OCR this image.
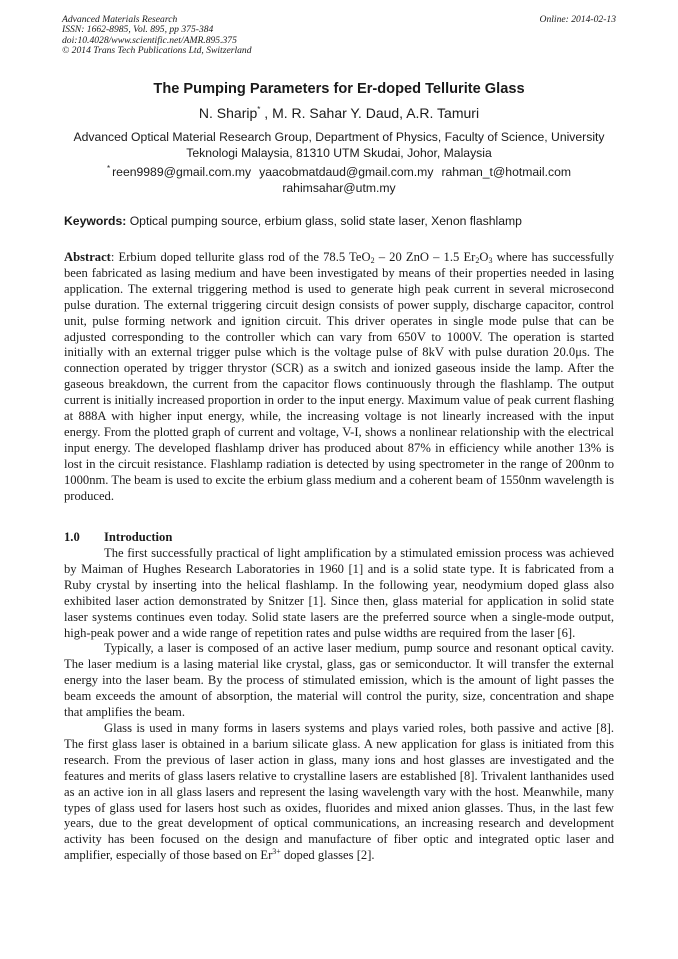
Advanced Materials Research
ISSN: 1662-8985, Vol. 895, pp 375-384
doi:10.4028/www.scientific.net/AMR.895.375
© 2014 Trans Tech Publications Ltd, Switzerland
Online: 2014-02-13
The Pumping Parameters for Er-doped Tellurite Glass
N. Sharip* , M. R. Sahar Y. Daud, A.R. Tamuri
Advanced Optical Material Research Group, Department of Physics, Faculty of Science, University
Teknologi Malaysia, 81310 UTM Skudai, Johor, Malaysia
* reen9989@gmail.com.my yaacobmatdaud@gmail.com.my rahman_t@hotmail.com
rahimsahar@utm.my
Keywords: Optical pumping source, erbium glass, solid state laser, Xenon flashlamp
Abstract: Erbium doped tellurite glass rod of the 78.5 TeO$_2$ – 20 ZnO – 1.5 $Er_2O_3$ where has successfully been fabricated as lasing medium and have been investigated by means of their properties needed in lasing application. The external triggering method is used to generate high peak current in several microsecond pulse duration. The external triggering circuit design consists of power supply, discharge capacitor, control unit, pulse forming network and ignition circuit. This driver operates in single mode pulse that can be adjusted corresponding to the controller which can vary from 650V to 1000V. The operation is started initially with an external trigger pulse which is the voltage pulse of 8kV with pulse duration 20.0μs. The connection operated by trigger thrystor (SCR) as a switch and ionized gaseous inside the lamp. After the gaseous breakdown, the current from the capacitor flows continuously through the flashlamp. The output current is initially increased proportion in order to the input energy. Maximum value of peak current flashing at 888A with higher input energy, while, the increasing voltage is not linearly increased with the input energy. From the plotted graph of current and voltage, V-I, shows a nonlinear relationship with the electrical input energy. The developed flashlamp driver has produced about 87% in efficiency while another 13% is lost in the circuit resistance. Flashlamp radiation is detected by using spectrometer in the range of 200nm to 1000nm. The beam is used to excite the erbium glass medium and a coherent beam of 1550nm wavelength is produced.
1.0 Introduction

The first successfully practical of light amplification by a stimulated emission process was achieved by Maiman of Hughes Research Laboratories in 1960 [1] and is a solid state type. It is fabricated from a Ruby crystal by inserting into the helical flashlamp. In the following year, neodymium doped glass also exhibited laser action demonstrated by Snitzer [1]. Since then, glass material for application in solid state laser systems continues even today. Solid state lasers are the preferred source when a single-mode output, high-peak power and a wide range of repetition rates and pulse widths are required from the laser [6].

Typically, a laser is composed of an active laser medium, pump source and resonant optical cavity. The laser medium is a lasing material like crystal, glass, gas or semiconductor. It will transfer the external energy into the laser beam. By the process of stimulated emission, which is the amount of light passes the beam exceeds the amount of absorption, the material will control the purity, size, concentration and shape that amplifies the beam.

Glass is used in many forms in lasers systems and plays varied roles, both passive and active [8]. The first glass laser is obtained in a barium silicate glass. A new application for glass is initiated from this research. From the previous of laser action in glass, many ions and host glasses are investigated and the features and merits of glass lasers relative to crystalline lasers are established [8]. Trivalent lanthanides used as an active ion in all glass lasers and represent the lasing wavelength vary with the host. Meanwhile, many types of glass used for lasers host such as oxides, fluorides and mixed anion glasses. Thus, in the last few years, due to the great development of optical communications, an increasing research and development activity has been focused on the design and manufacture of fiber optic and integrated optic laser and amplifier, especially of those based on $Er^{3+}$ doped glasses [2].
